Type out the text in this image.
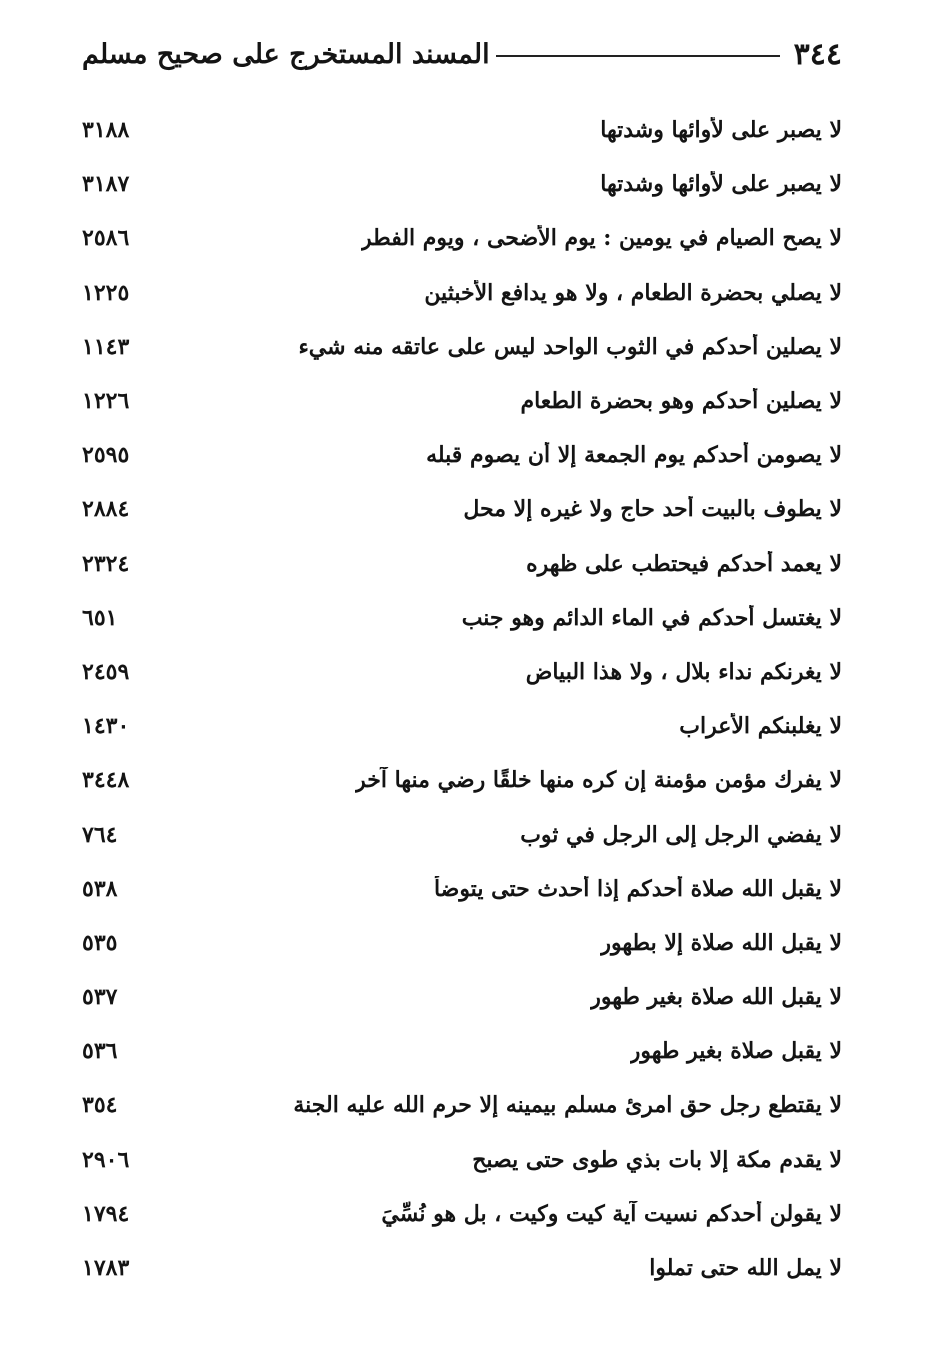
٣٤٤
المسند المستخرج على صحيح مسلم
لا يصبر على لأوائها وشدتها
٣١٨٨
لا يصبر على لأوائها وشدتها
٣١٨٧
لا يصح الصيام في يومين : يوم الأضحى ، ويوم الفطر
٢٥٨٦
لا يصلي بحضرة الطعام ، ولا هو يدافع الأخبثين
١٢٢٥
لا يصلين أحدكم في الثوب الواحد ليس على عاتقه منه شيء
١١٤٣
لا يصلين أحدكم وهو بحضرة الطعام
١٢٢٦
لا يصومن أحدكم يوم الجمعة إلا أن يصوم قبله
٢٥٩٥
لا يطوف بالبيت أحد حاج ولا غيره إلا محل
٢٨٨٤
لا يعمد أحدكم فيحتطب على ظهره
٢٣٢٤
لا يغتسل أحدكم في الماء الدائم وهو جنب
٦٥١
لا يغرنكم نداء بلال ، ولا هذا البياض
٢٤٥٩
لا يغلبنكم الأعراب
١٤٣٠
لا يفرك مؤمن مؤمنة إن كره منها خلقًا رضي منها آخر
٣٤٤٨
لا يفضي الرجل إلى الرجل في ثوب
٧٦٤
لا يقبل الله صلاة أحدكم إذا أحدث حتى يتوضأ
٥٣٨
لا يقبل الله صلاة إلا بطهور
٥٣٥
لا يقبل الله صلاة بغير طهور
٥٣٧
لا يقبل صلاة بغير طهور
٥٣٦
لا يقتطع رجل حق امرئ مسلم بيمينه إلا حرم الله عليه الجنة
٣٥٤
لا يقدم مكة إلا بات بذي طوى حتى يصبح
٢٩٠٦
لا يقولن أحدكم نسيت آية كيت وكيت ، بل هو نُسِّيَ
١٧٩٤
لا يمل الله حتى تملوا
١٧٨٣
